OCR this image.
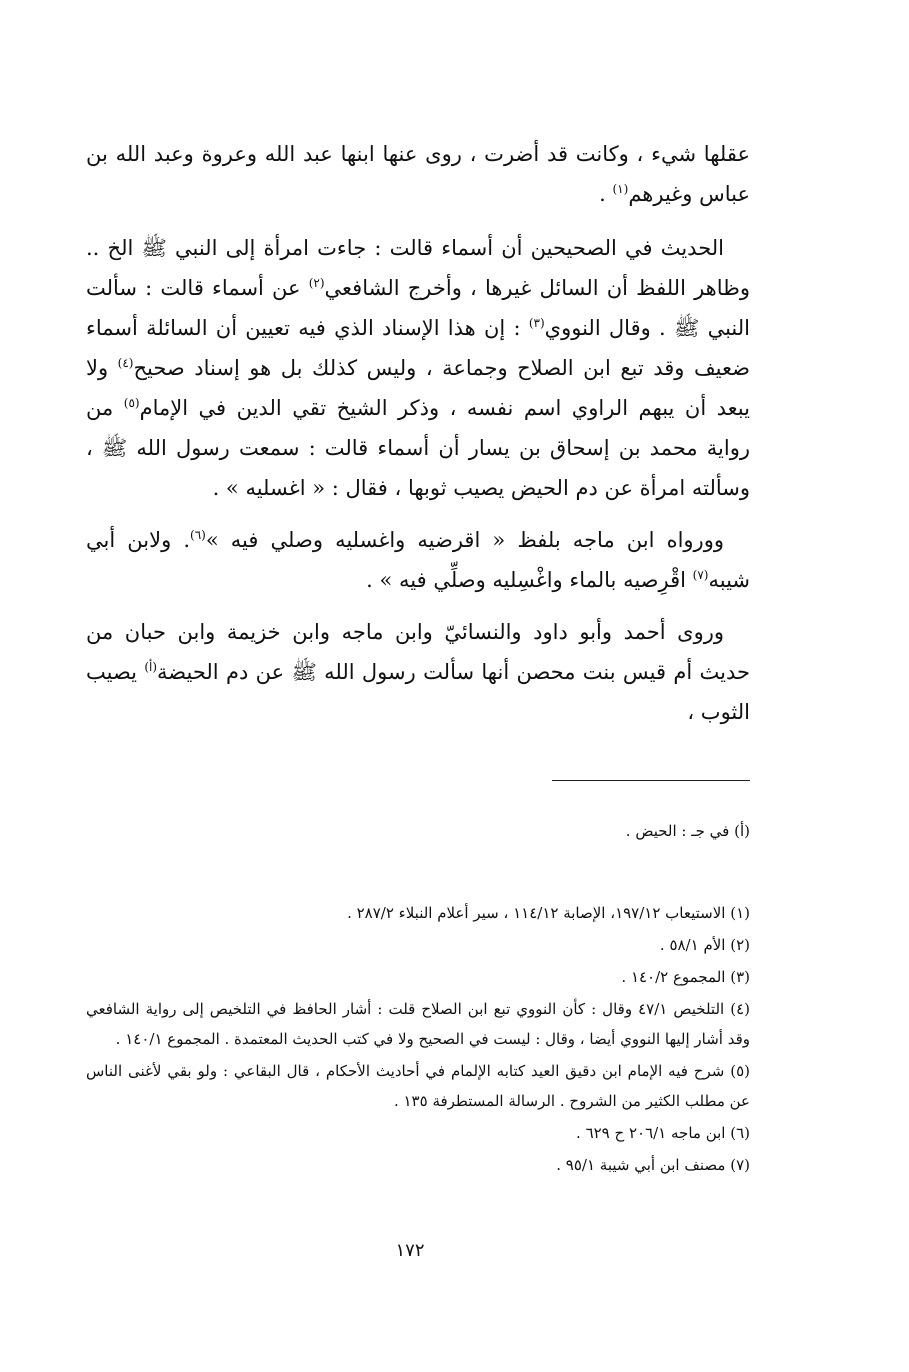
عقلها شيء ، وكانت قد أضرت ، روى عنها ابنها عبد الله وعروة وعبد الله بن عباس وغيرهم$^{(١)}$ .

الحديث في الصحيحين أن أسماء قالت : جاءت امرأة إلى النبي ﷺ الخ .. وظاهر اللفظ أن السائل غيرها ، وأخرج الشافعي$^{(٢)}$ عن أسماء قالت : سألت النبي ﷺ . وقال النووي$^{(٣)}$ : إن هذا الإسناد الذي فيه تعيين أن السائلة أسماء ضعيف وقد تبع ابن الصلاح وجماعة ، وليس كذلك بل هو إسناد صحيح$^{(٤)}$ ولا يبعد أن يبهم الراوي اسم نفسه ، وذكر الشيخ تقي الدين في الإمام$^{(٥)}$ من رواية محمد بن إسحاق بن يسار أن أسماء قالت : سمعت رسول الله ﷺ ، وسألته امرأة عن دم الحيض يصيب ثوبها ، فقال : « اغسليه » .

وورواه ابن ماجه بلفظ « اقرضيه واغسليه وصلي فيه »$^{(٦)}$. ولابن أبي شيبه$^{(٧)}$ اقْرِصيه بالماء واغْسِليه وصلِّي فيه » .

وروى أحمد وأبو داود والنسائيّ وابن ماجه وابن خزيمة وابن حبان من حديث أم قيس بنت محصن أنها سألت رسول الله ﷺ عن دم الحيضة$^{(أ)}$ يصيب الثوب ،

(أ) في جـ : الحيض .

(١) الاستيعاب ١٩٧/١٢، الإصابة ١١٤/١٢ ، سير أعلام النبلاء ٢٨٧/٢ .

(٢) الأم ٥٨/١ .

(٣) المجموع ١٤٠/٢ .

(٤) التلخيص ٤٧/١ وقال : كأن النووي تبع ابن الصلاح قلت : أشار الحافظ في التلخيص إلى رواية الشافعي وقد أشار إليها النووي أيضا ، وقال : ليست في الصحيح ولا في كتب الحديث المعتمدة . المجموع ١٤٠/١ .

(٥) شرح فيه الإمام ابن دقيق العيد كتابه الإلمام في أحاديث الأحكام ، قال البقاعي : ولو بقي لأغنى الناس عن مطلب الكثير من الشروح . الرسالة المستطرفة ١٣٥ .

(٦) ابن ماجه ٢٠٦/١ ح ٦٢٩ .

(٧) مصنف ابن أبي شيبة ٩٥/١ .

١٧٢
